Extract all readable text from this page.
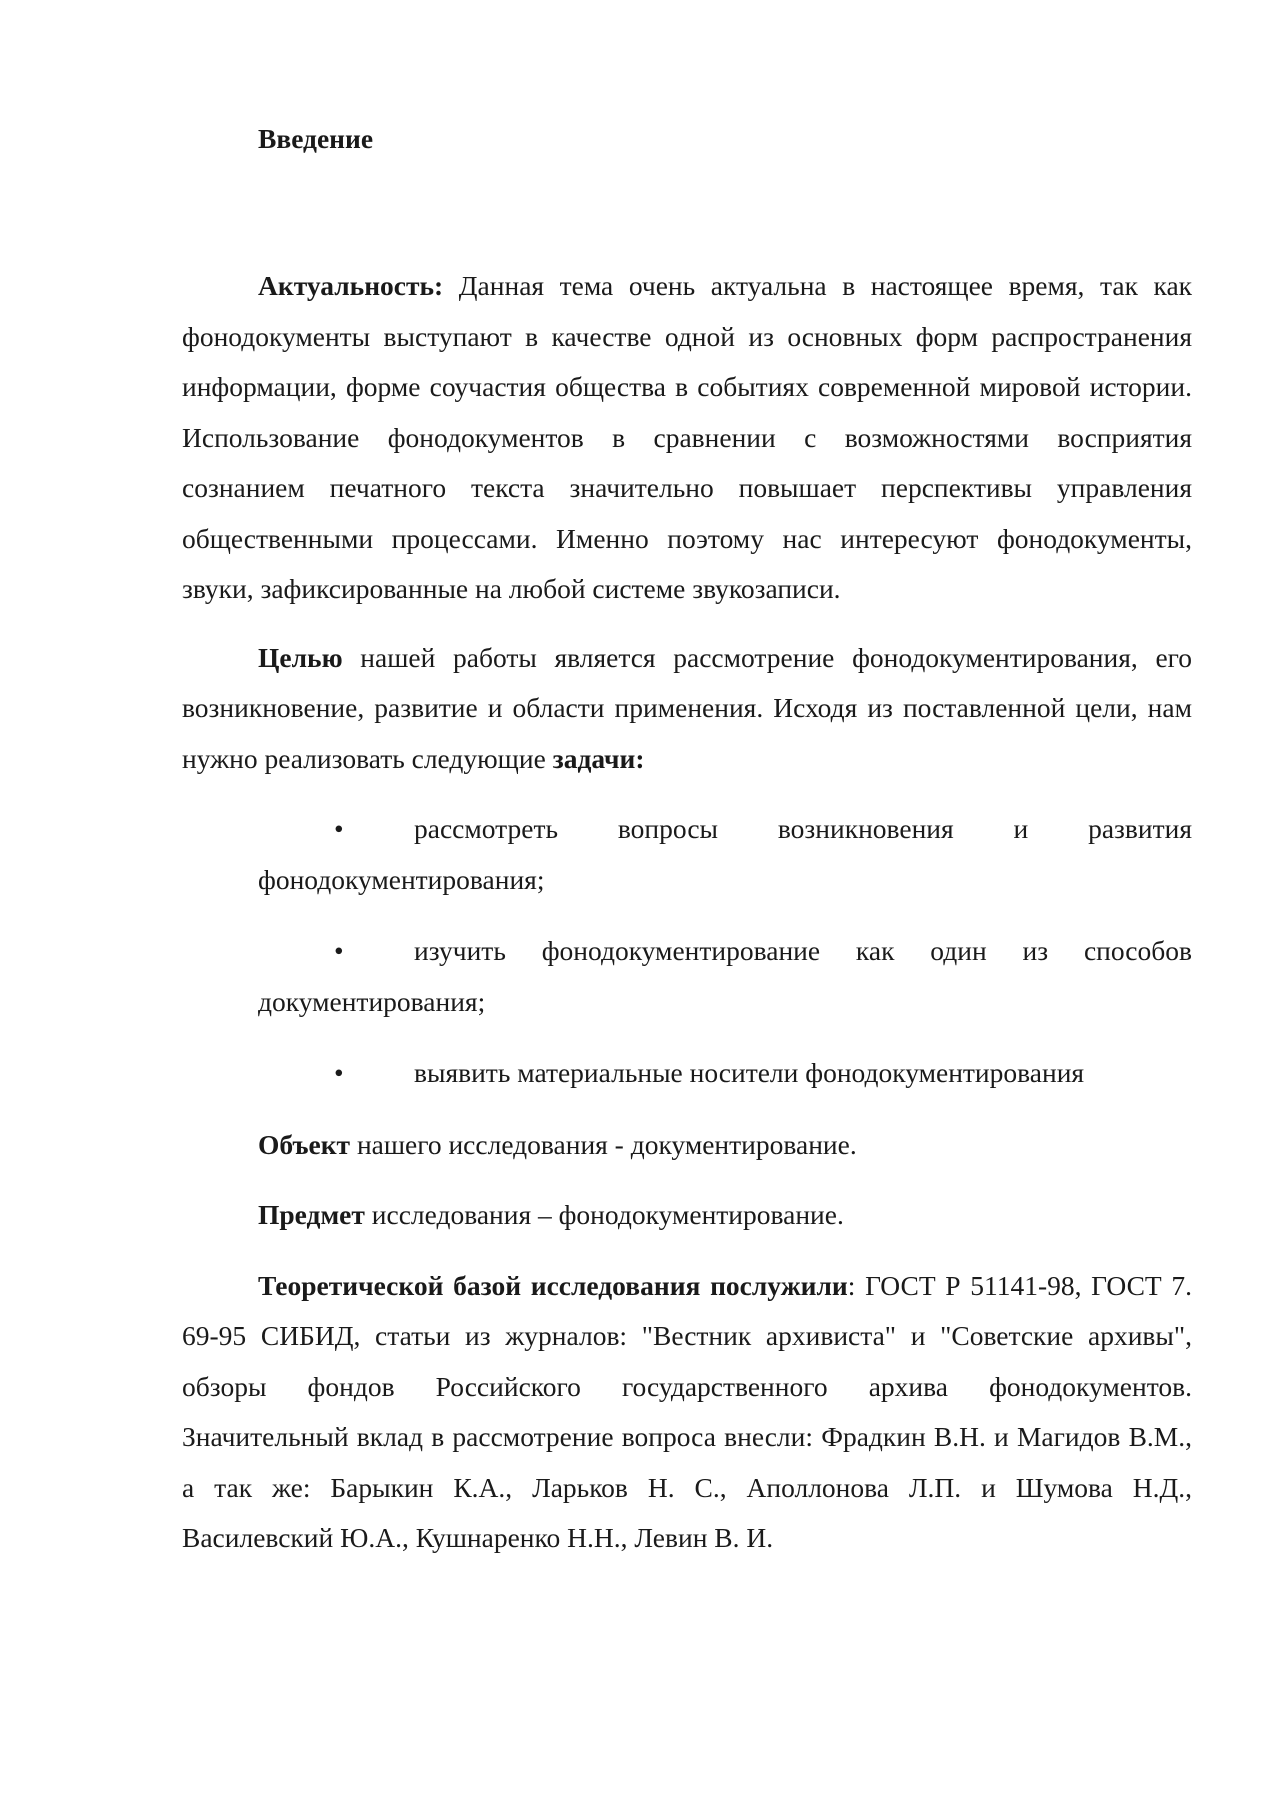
Введение

Актуальность: Данная тема очень актуальна в настоящее время, так как фонодокументы выступают в качестве одной из основных форм распространения информации, форме соучастия общества в событиях современной мировой истории. Использование фонодокументов в сравнении с возможностями восприятия сознанием печатного текста значительно повышает перспективы управления общественными процессами. Именно поэтому нас интересуют фонодокументы, звуки, зафиксированные на любой системе звукозаписи.

Целью нашей работы является рассмотрение фонодокументирования, его возникновение, развитие и области применения. Исходя из поставленной цели, нам нужно реализовать следующие задачи:

•	рассмотреть вопросы возникновения и развития фонодокументирования;
•	изучить фонодокументирование как один из способов документирования;
•	выявить материальные носители фонодокументирования

Объект нашего исследования - документирование.

Предмет исследования – фонодокументирование.

Теоретической базой исследования послужили: ГОСТ Р 51141-98, ГОСТ 7. 69-95 СИБИД, статьи из журналов: "Вестник архивиста" и "Советские архивы", обзоры фондов Российского государственного архива фонодокументов. Значительный вклад в рассмотрение вопроса внесли: Фрадкин В.Н. и Магидов В.М., а так же: Барыкин К.А., Ларьков Н. С., Аполлонова Л.П. и Шумова Н.Д., Василевский Ю.А., Кушнаренко Н.Н., Левин В. И.
